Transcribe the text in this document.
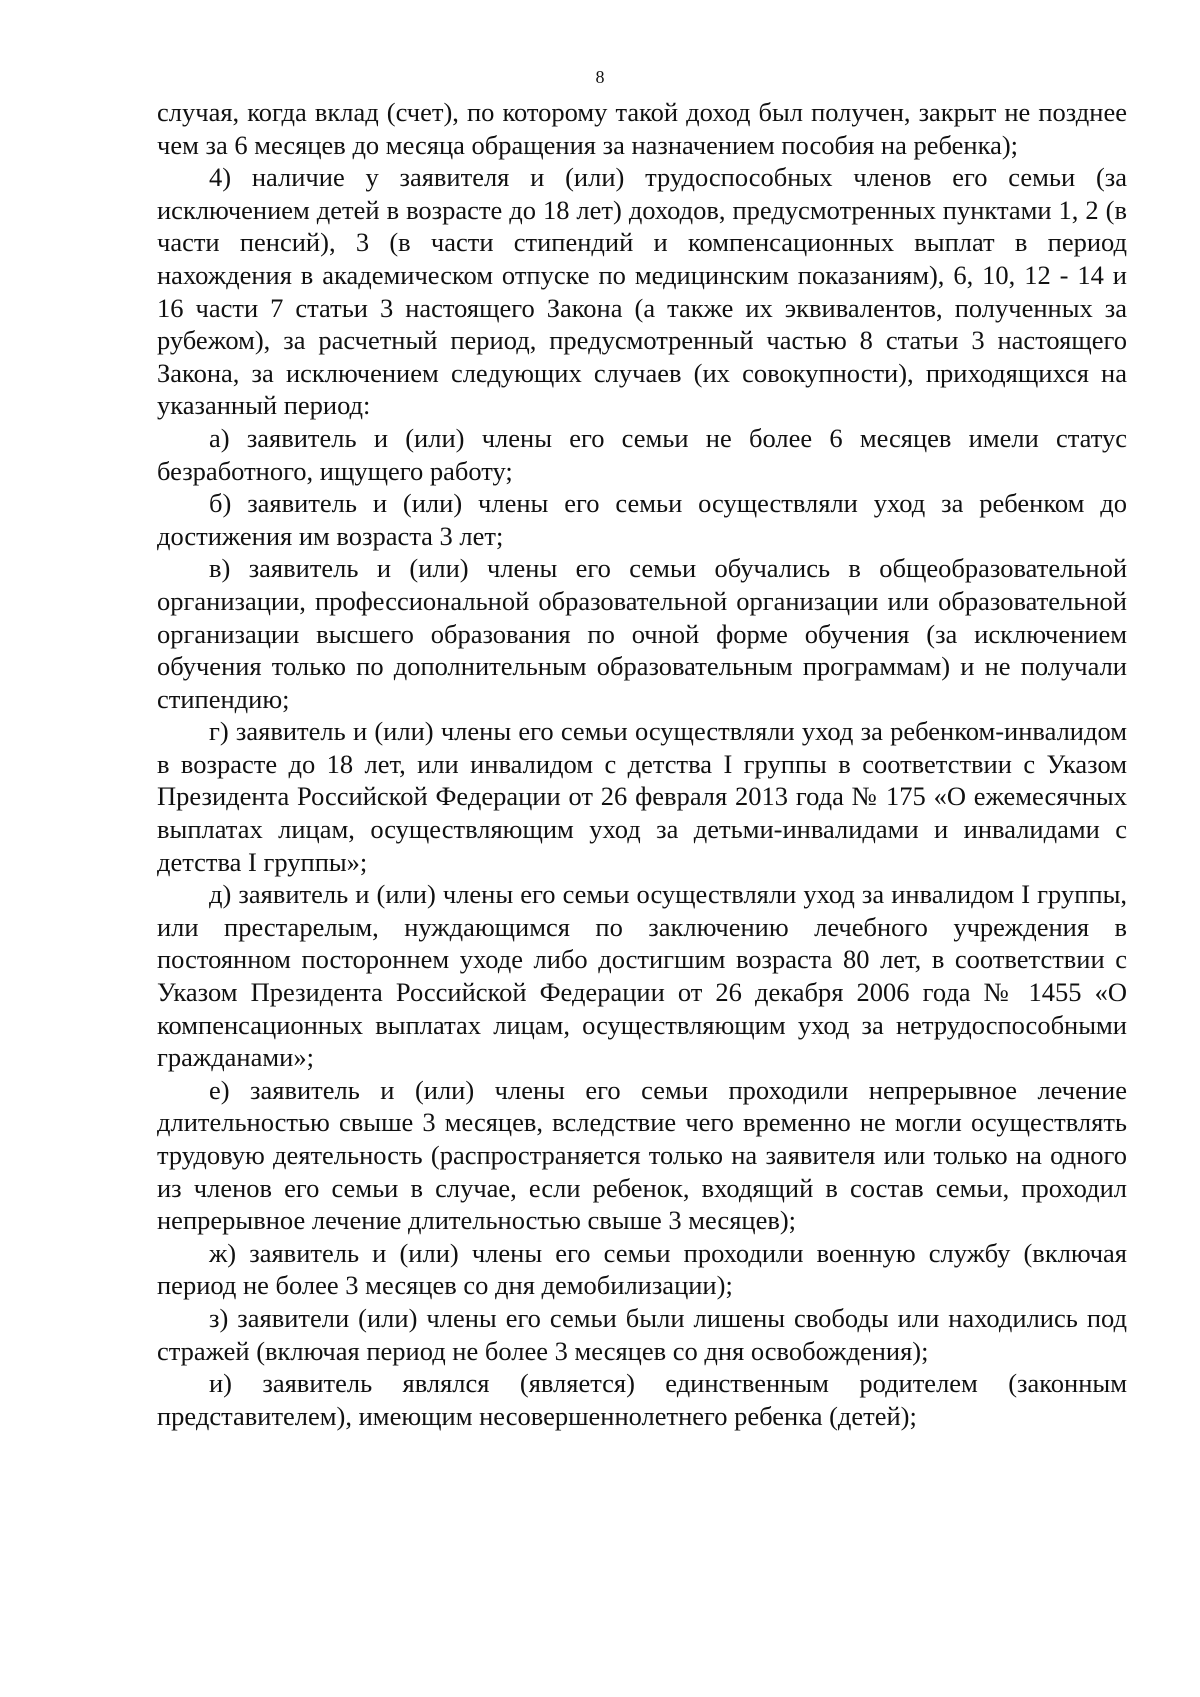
8

случая, когда вклад (счет), по которому такой доход был получен, закрыт не позднее чем за 6 месяцев до месяца обращения за назначением пособия на ребенка);

4) наличие у заявителя и (или) трудоспособных членов его семьи (за исключением детей в возрасте до 18 лет) доходов, предусмотренных пунктами 1, 2 (в части пенсий), 3 (в части стипендий и компенсационных выплат в период нахождения в академическом отпуске по медицинским показаниям), 6, 10, 12 - 14 и 16 части 7 статьи 3 настоящего Закона (а также их эквивалентов, полученных за рубежом), за расчетный период, предусмотренный частью 8 статьи 3 настоящего Закона, за исключением следующих случаев (их совокупности), приходящихся на указанный период:

а) заявитель и (или) члены его семьи не более 6 месяцев имели статус безработного, ищущего работу;

б) заявитель и (или) члены его семьи осуществляли уход за ребенком до достижения им возраста 3 лет;

в) заявитель и (или) члены его семьи обучались в общеобразовательной организации, профессиональной образовательной организации или образовательной организации высшего образования по очной форме обучения (за исключением обучения только по дополнительным образовательным программам) и не получали стипендию;

г) заявитель и (или) члены его семьи осуществляли уход за ребенком-инвалидом в возрасте до 18 лет, или инвалидом с детства I группы в соответствии с Указом Президента Российской Федерации от 26 февраля 2013 года № 175 «О ежемесячных выплатах лицам, осуществляющим уход за детьми-инвалидами и инвалидами с детства I группы»;

д) заявитель и (или) члены его семьи осуществляли уход за инвалидом I группы, или престарелым, нуждающимся по заключению лечебного учреждения в постоянном постороннем уходе либо достигшим возраста 80 лет, в соответствии с Указом Президента Российской Федерации от 26 декабря 2006 года № 1455 «О компенсационных выплатах лицам, осуществляющим уход за нетрудоспособными гражданами»;

е) заявитель и (или) члены его семьи проходили непрерывное лечение длительностью свыше 3 месяцев, вследствие чего временно не могли осуществлять трудовую деятельность (распространяется только на заявителя или только на одного из членов его семьи в случае, если ребенок, входящий в состав семьи, проходил непрерывное лечение длительностью свыше 3 месяцев);

ж) заявитель и (или) члены его семьи проходили военную службу (включая период не более 3 месяцев со дня демобилизации);

з) заявители (или) члены его семьи были лишены свободы или находились под стражей (включая период не более 3 месяцев со дня освобождения);

и) заявитель являлся (является) единственным родителем (законным представителем), имеющим несовершеннолетнего ребенка (детей);
